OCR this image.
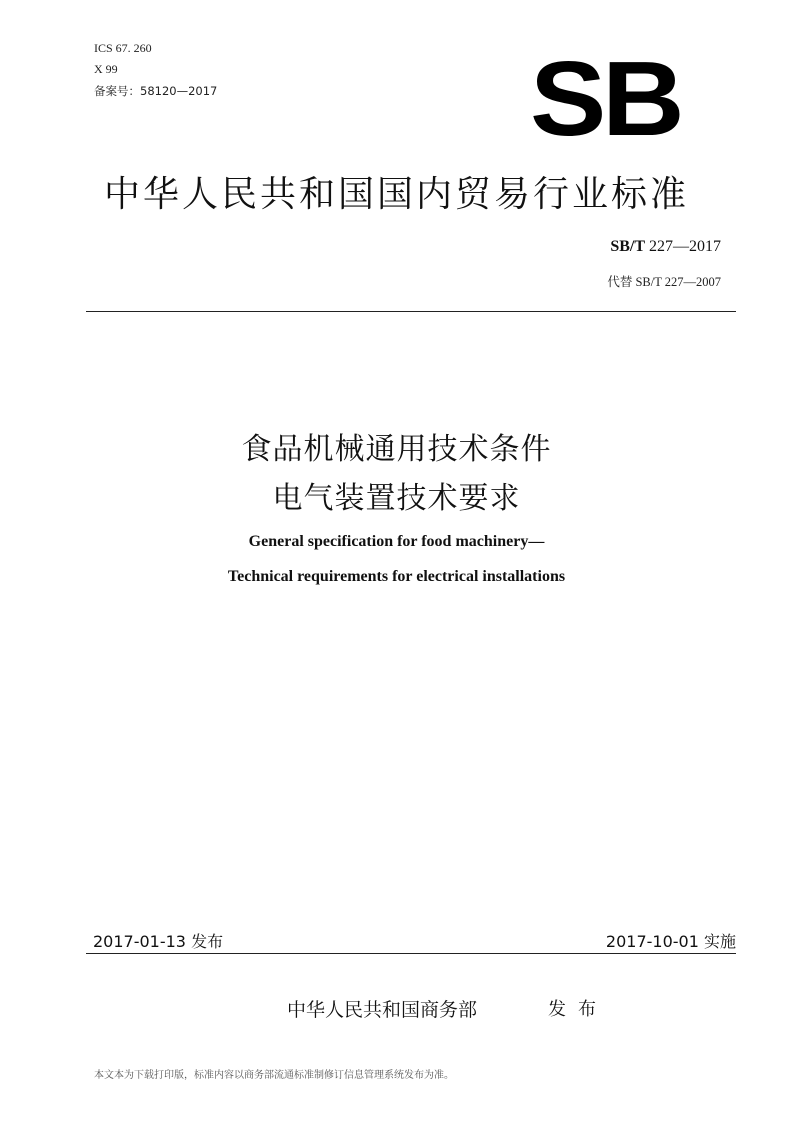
ICS 67. 260
X 99
备案号：58120—2017	SB
中华人民共和国国内贸易行业标准
SB/T 227—2017
代替 SB/T 227—2007
食品机械通用技术条件
电气装置技术要求
General specification for food machinery—
Technical requirements for electrical installations
2017-01-13 发布	2017-10-01 实施
中华人民共和国商务部	发布
本文本为下载打印版，标准内容以商务部流通标准制修订信息管理系统发布为准。
